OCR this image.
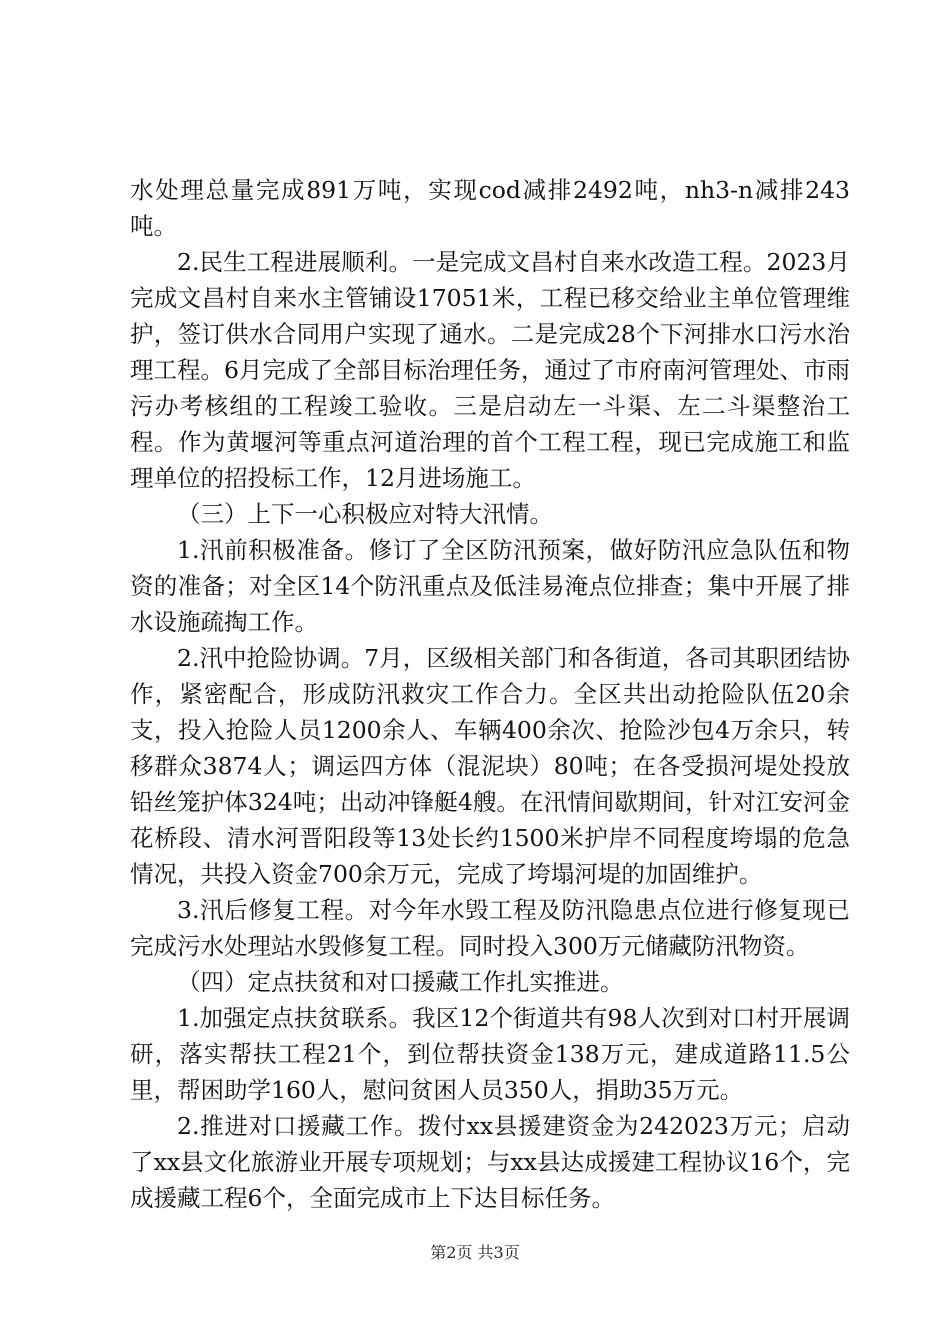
水处理总量完成891万吨，实现cod减排2492吨，nh3-n减排243吨。

2.民生工程进展顺利。一是完成文昌村自来水改造工程。2023月完成文昌村自来水主管铺设17051米，工程已移交给业主单位管理维护，签订供水合同用户实现了通水。二是完成28个下河排水口污水治理工程。6月完成了全部目标治理任务，通过了市府南河管理处、市雨污办考核组的工程竣工验收。三是启动左一斗渠、左二斗渠整治工程。作为黄堰河等重点河道治理的首个工程工程，现已完成施工和监理单位的招投标工作，12月进场施工。

（三）上下一心积极应对特大汛情。

1.汛前积极准备。修订了全区防汛预案，做好防汛应急队伍和物资的准备；对全区14个防汛重点及低洼易淹点位排查；集中开展了排水设施疏掏工作。

2.汛中抢险协调。7月，区级相关部门和各街道，各司其职团结协作，紧密配合，形成防汛救灾工作合力。全区共出动抢险队伍20余支，投入抢险人员1200余人、车辆400余次、抢险沙包4万余只，转移群众3874人；调运四方体（混泥块）80吨；在各受损河堤处投放铅丝笼护体324吨；出动冲锋艇4艘。在汛情间歇期间，针对江安河金花桥段、清水河晋阳段等13处长约1500米护岸不同程度垮塌的危急情况，共投入资金700余万元，完成了垮塌河堤的加固维护。

3.汛后修复工程。对今年水毁工程及防汛隐患点位进行修复现已完成污水处理站水毁修复工程。同时投入300万元储藏防汛物资。

（四）定点扶贫和对口援藏工作扎实推进。

1.加强定点扶贫联系。我区12个街道共有98人次到对口村开展调研，落实帮扶工程21个，到位帮扶资金138万元，建成道路11.5公里，帮困助学160人，慰问贫困人员350人，捐助35万元。

2.推进对口援藏工作。拨付xx县援建资金为242023万元；启动了xx县文化旅游业开展专项规划；与xx县达成援建工程协议16个，完成援藏工程6个，全面完成市上下达目标任务。

第2页 共3页
